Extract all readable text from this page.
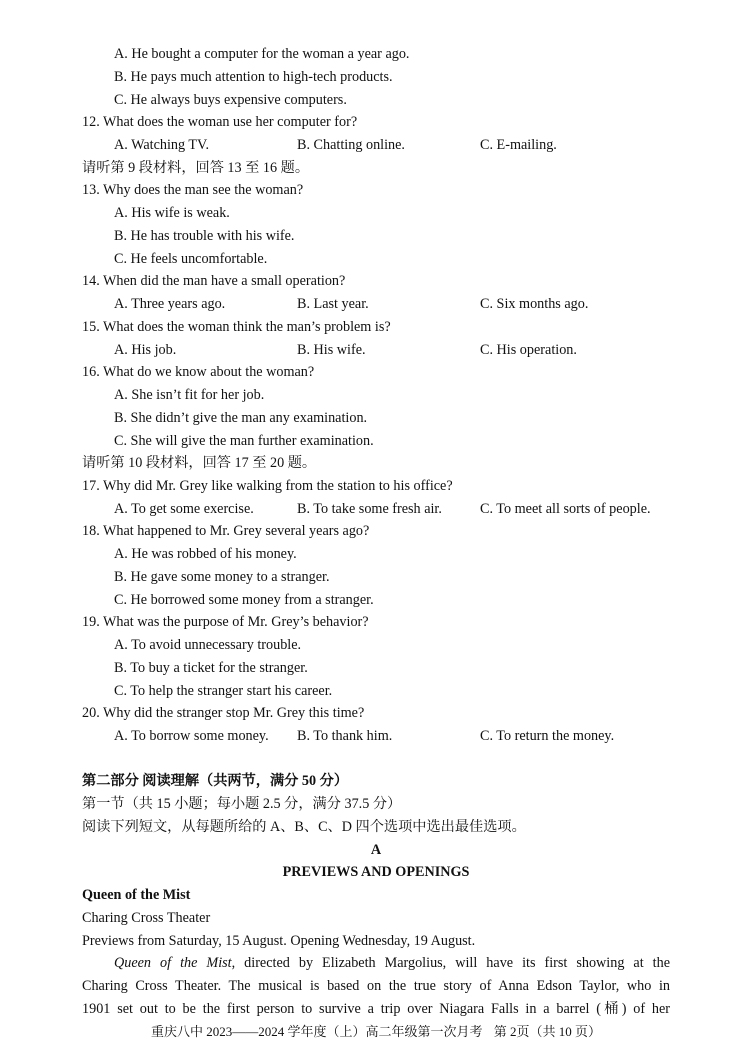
A. He bought a computer for the woman a year ago.
B. He pays much attention to high-tech products.
C. He always buys expensive computers.
12. What does the woman use her computer for?
A. Watching TV.	B. Chatting online.	C. E-mailing.
请听第 9 段材料，回答 13 至 16 题。
13. Why does the man see the woman?
A. His wife is weak.
B. He has trouble with his wife.
C. He feels uncomfortable.
14. When did the man have a small operation?
A. Three years ago.	B. Last year.	C. Six months ago.
15. What does the woman think the man’s problem is?
A. His job.	B. His wife.	C. His operation.
16. What do we know about the woman?
A. She isn’t fit for her job.
B. She didn’t give the man any examination.
C. She will give the man further examination.
请听第 10 段材料，回答 17 至 20 题。
17. Why did Mr. Grey like walking from the station to his office?
A. To get some exercise.	B. To take some fresh air.	C. To meet all sorts of people.
18. What happened to Mr. Grey several years ago?
A. He was robbed of his money.
B. He gave some money to a stranger.
C. He borrowed some money from a stranger.
19. What was the purpose of Mr. Grey’s behavior?
A. To avoid unnecessary trouble.
B. To buy a ticket for the stranger.
C. To help the stranger start his career.
20. Why did the stranger stop Mr. Grey this time?
A. To borrow some money. B. To thank him.	C. To return the money.
第二部分 阅读理解（共两节，满分 50 分）
第一节（共 15 小题；每小题 2.5 分，满分 37.5 分）
阅读下列短文，从每题所给的 A、B、C、D 四个选项中选出最佳选项。
A
PREVIEWS AND OPENINGS
Queen of the Mist
Charing Cross Theater
Previews from Saturday, 15 August. Opening Wednesday, 19 August.
Queen of the Mist, directed by Elizabeth Margolius, will have its first showing at the
Charing Cross Theater. The musical is based on the true story of Anna Edson Taylor, who in
1901 set out to be the first person to survive a trip over Niagara Falls in a barrel (桶) of her
重庆八中 2023——2024 学年度（上）高二年级第一次月考 第 2页（共 10 页）
